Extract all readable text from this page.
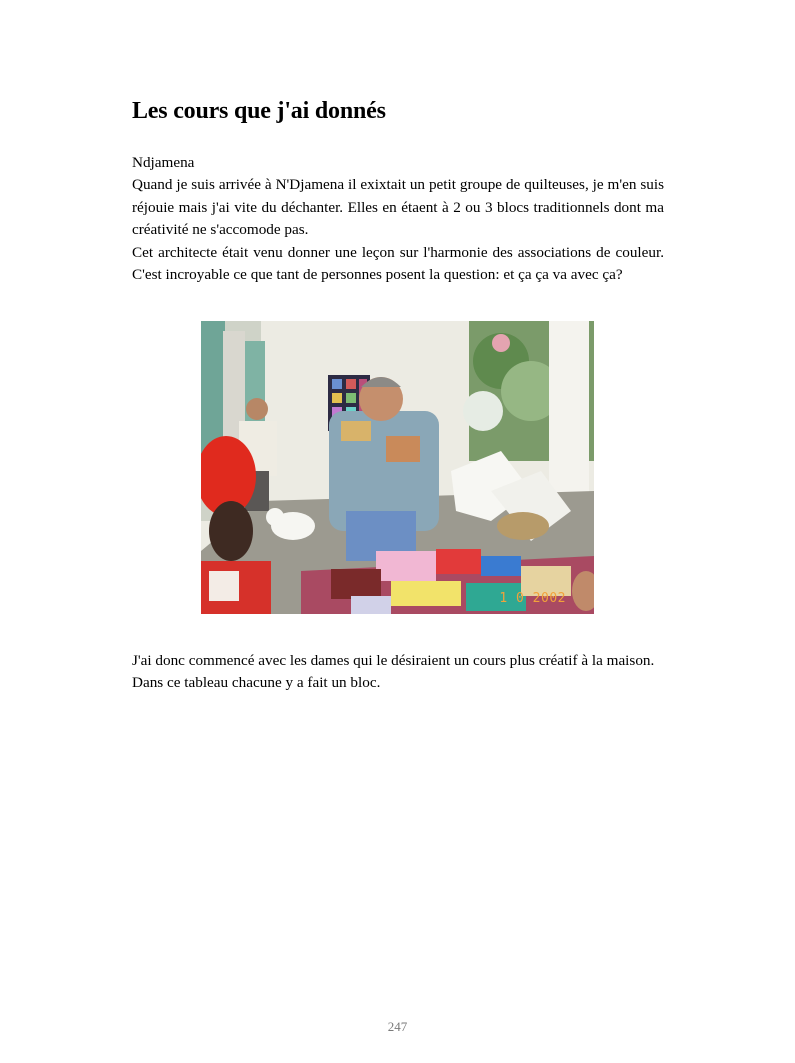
Les cours que j'ai donnés

Ndjamena

Quand je suis arrivée à N'Djamena il exixtait un petit groupe de quilteuses, je m'en suis réjouie mais j'ai vite du déchanter. Elles en étaent à 2 ou 3 blocs traditionnels dont ma créativité ne s'accomode pas.

Cet architecte était venu donner une leçon sur l'harmonie des associations de couleur. C'est incroyable ce que tant de personnes posent la question: et ça ça va avec ça?

1 0 2002

J'ai donc commencé avec les dames qui le désiraient un cours plus créatif à la maison.

Dans ce tableau chacune y a fait un bloc.

247
